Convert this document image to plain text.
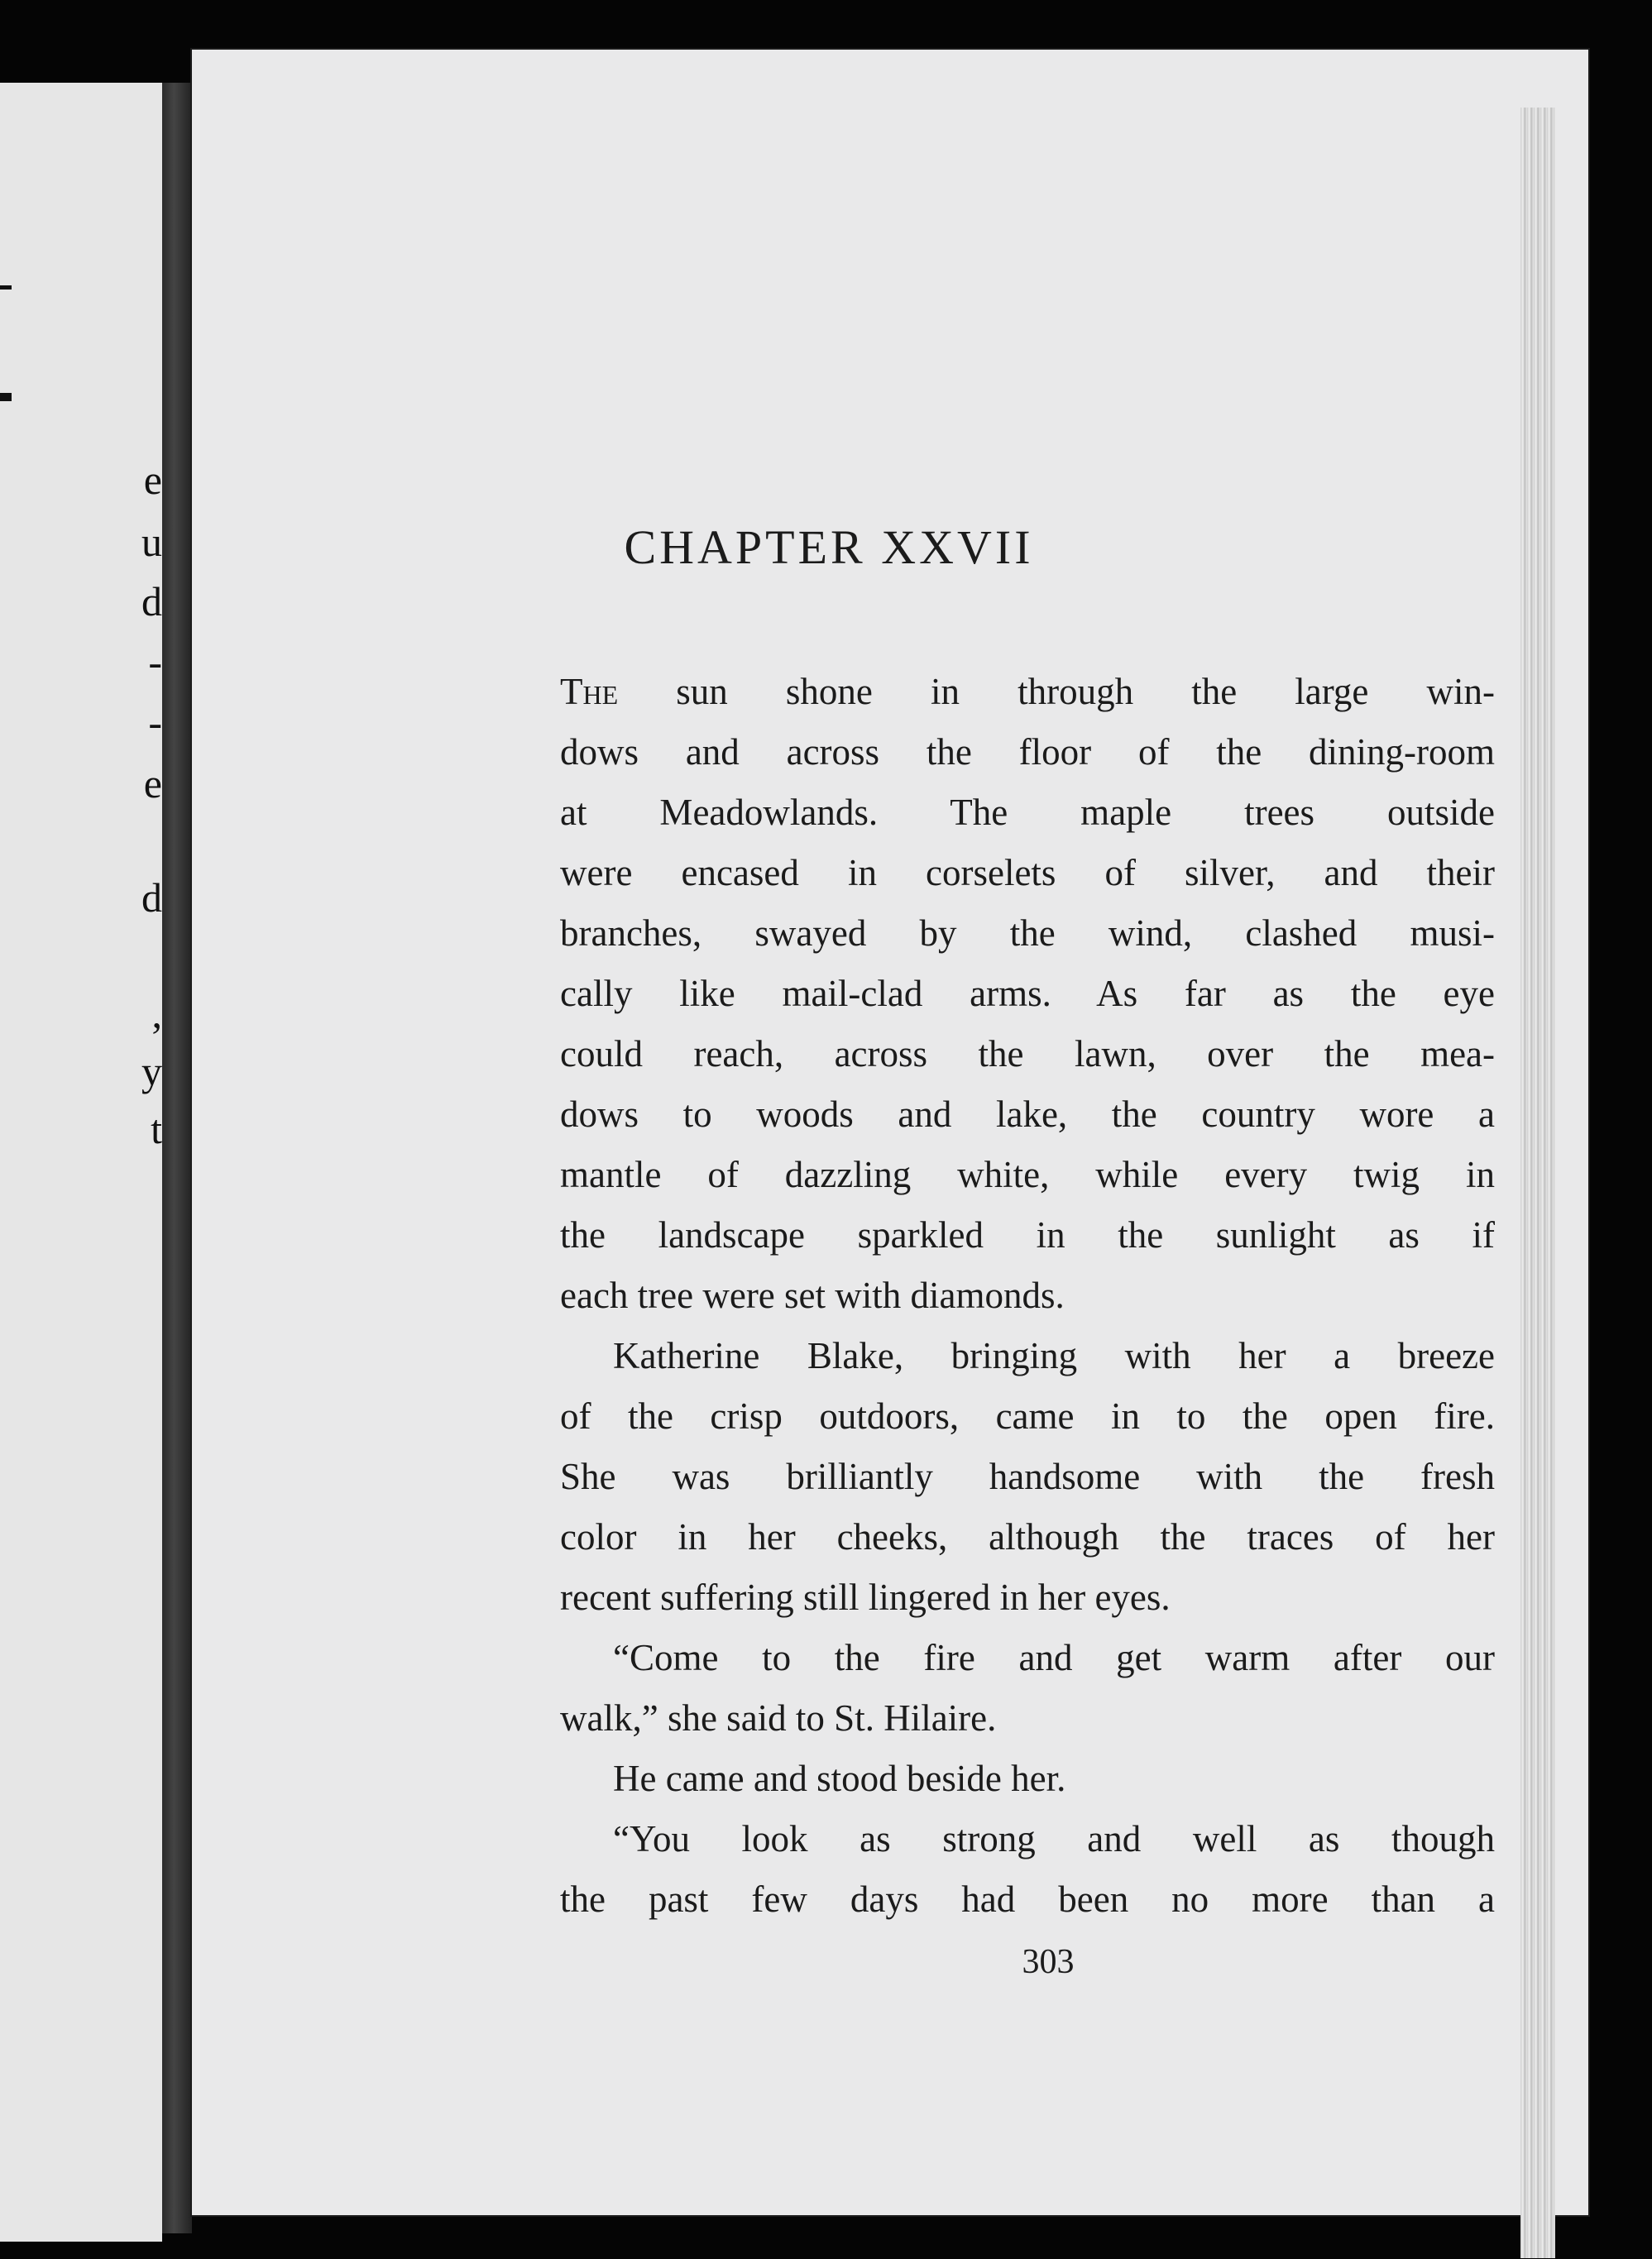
e
u
d
-
-
e
d
,
y
t
CHAPTER XXVII
The sun shone in through the large win-
dows and across the floor of the dining-room
at Meadowlands. The maple trees outside
were encased in corselets of silver, and their
branches, swayed by the wind, clashed musi-
cally like mail-clad arms. As far as the eye
could reach, across the lawn, over the mea-
dows to woods and lake, the country wore a
mantle of dazzling white, while every twig in
the landscape sparkled in the sunlight as if
each tree were set with diamonds.
Katherine Blake, bringing with her a breeze
of the crisp outdoors, came in to the open fire.
She was brilliantly handsome with the fresh
color in her cheeks, although the traces of her
recent suffering still lingered in her eyes.
“Come to the fire and get warm after our
walk,” she said to St. Hilaire.
He came and stood beside her.
“You look as strong and well as though
the past few days had been no more than a
303
